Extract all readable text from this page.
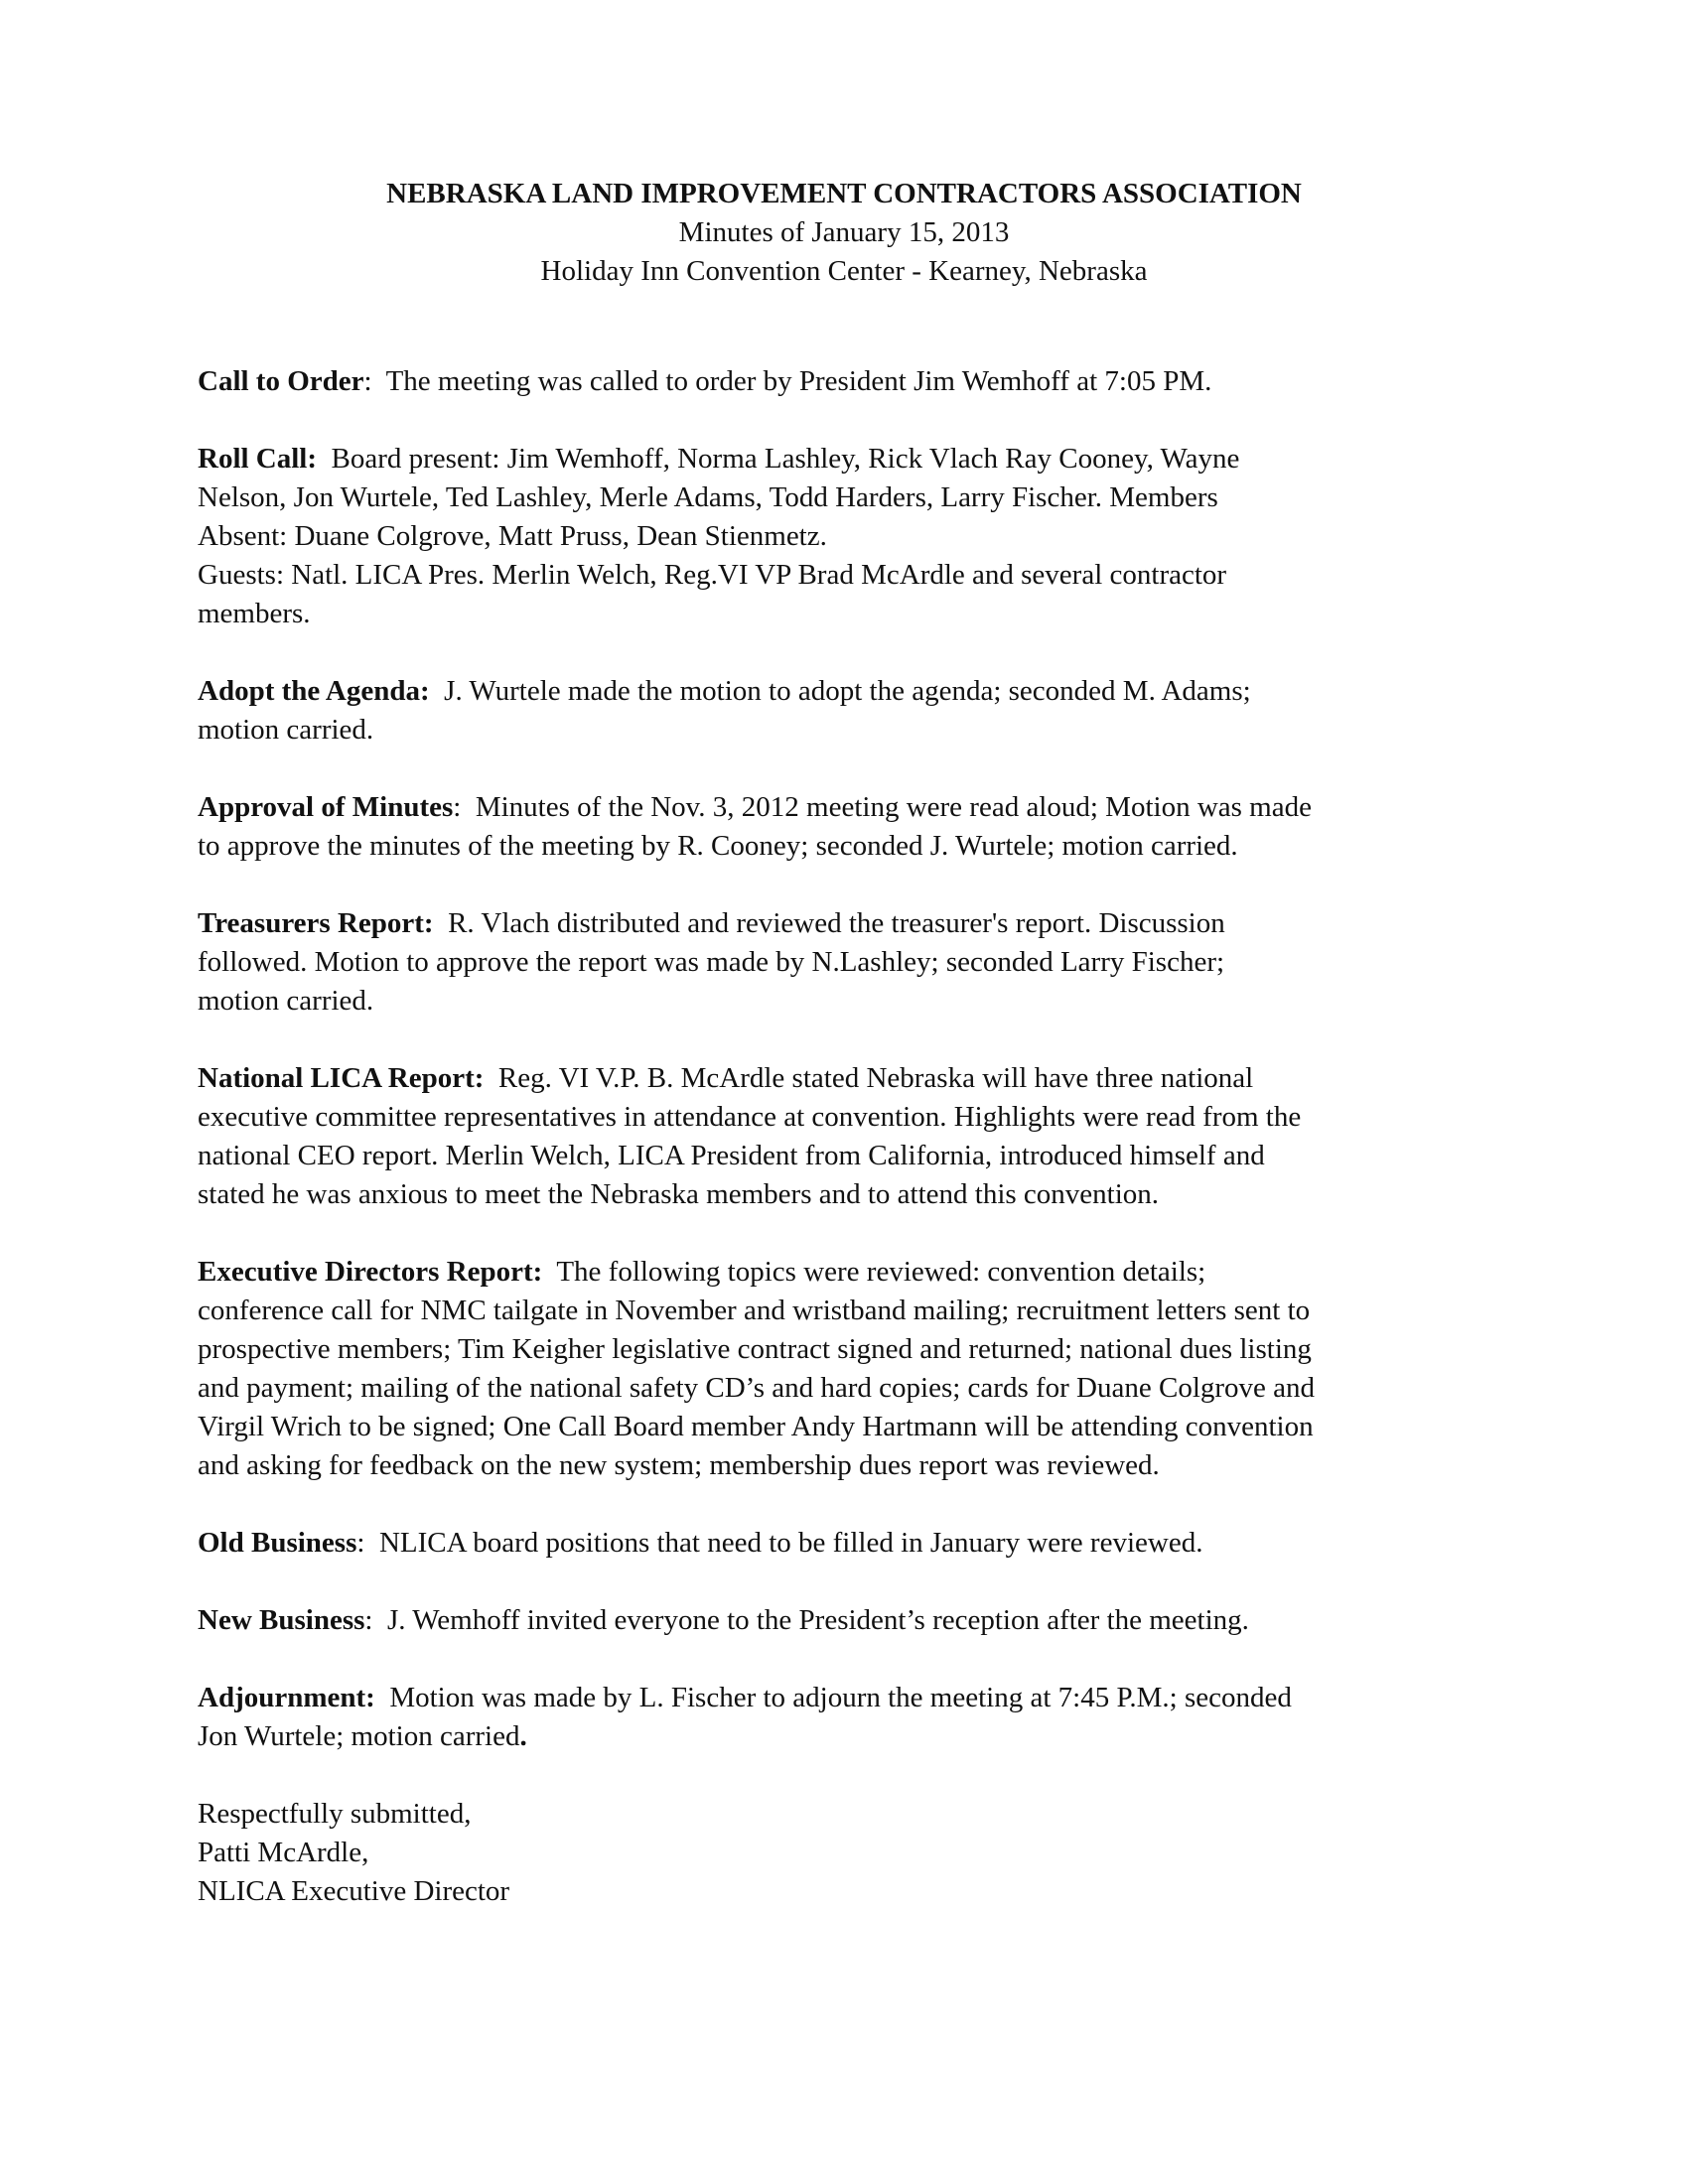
NEBRASKA LAND IMPROVEMENT CONTRACTORS ASSOCIATION
Minutes of January 15, 2013
Holiday Inn Convention Center - Kearney, Nebraska
Call to Order: The meeting was called to order by President Jim Wemhoff at 7:05 PM.
Roll Call: Board present: Jim Wemhoff, Norma Lashley, Rick Vlach Ray Cooney, Wayne
Nelson, Jon Wurtele, Ted Lashley, Merle Adams, Todd Harders, Larry Fischer. Members
Absent: Duane Colgrove, Matt Pruss, Dean Stienmetz.
Guests: Natl. LICA Pres. Merlin Welch, Reg.VI VP Brad McArdle and several contractor
members.
Adopt the Agenda: J. Wurtele made the motion to adopt the agenda; seconded M. Adams;
motion carried.
Approval of Minutes: Minutes of the Nov. 3, 2012 meeting were read aloud; Motion was made
to approve the minutes of the meeting by R. Cooney; seconded J. Wurtele; motion carried.
Treasurers Report: R. Vlach distributed and reviewed the treasurer's report. Discussion
followed. Motion to approve the report was made by N.Lashley; seconded Larry Fischer;
motion carried.
National LICA Report: Reg. VI V.P. B. McArdle stated Nebraska will have three national
executive committee representatives in attendance at convention. Highlights were read from the
national CEO report. Merlin Welch, LICA President from California, introduced himself and
stated he was anxious to meet the Nebraska members and to attend this convention.
Executive Directors Report: The following topics were reviewed: convention details;
conference call for NMC tailgate in November and wristband mailing; recruitment letters sent to
prospective members; Tim Keigher legislative contract signed and returned; national dues listing
and payment; mailing of the national safety CD’s and hard copies; cards for Duane Colgrove and
Virgil Wrich to be signed; One Call Board member Andy Hartmann will be attending convention
and asking for feedback on the new system; membership dues report was reviewed.
Old Business: NLICA board positions that need to be filled in January were reviewed.
New Business: J. Wemhoff invited everyone to the President’s reception after the meeting.
Adjournment: Motion was made by L. Fischer to adjourn the meeting at 7:45 P.M.; seconded
Jon Wurtele; motion carried.
Respectfully submitted,
Patti McArdle,
NLICA Executive Director
